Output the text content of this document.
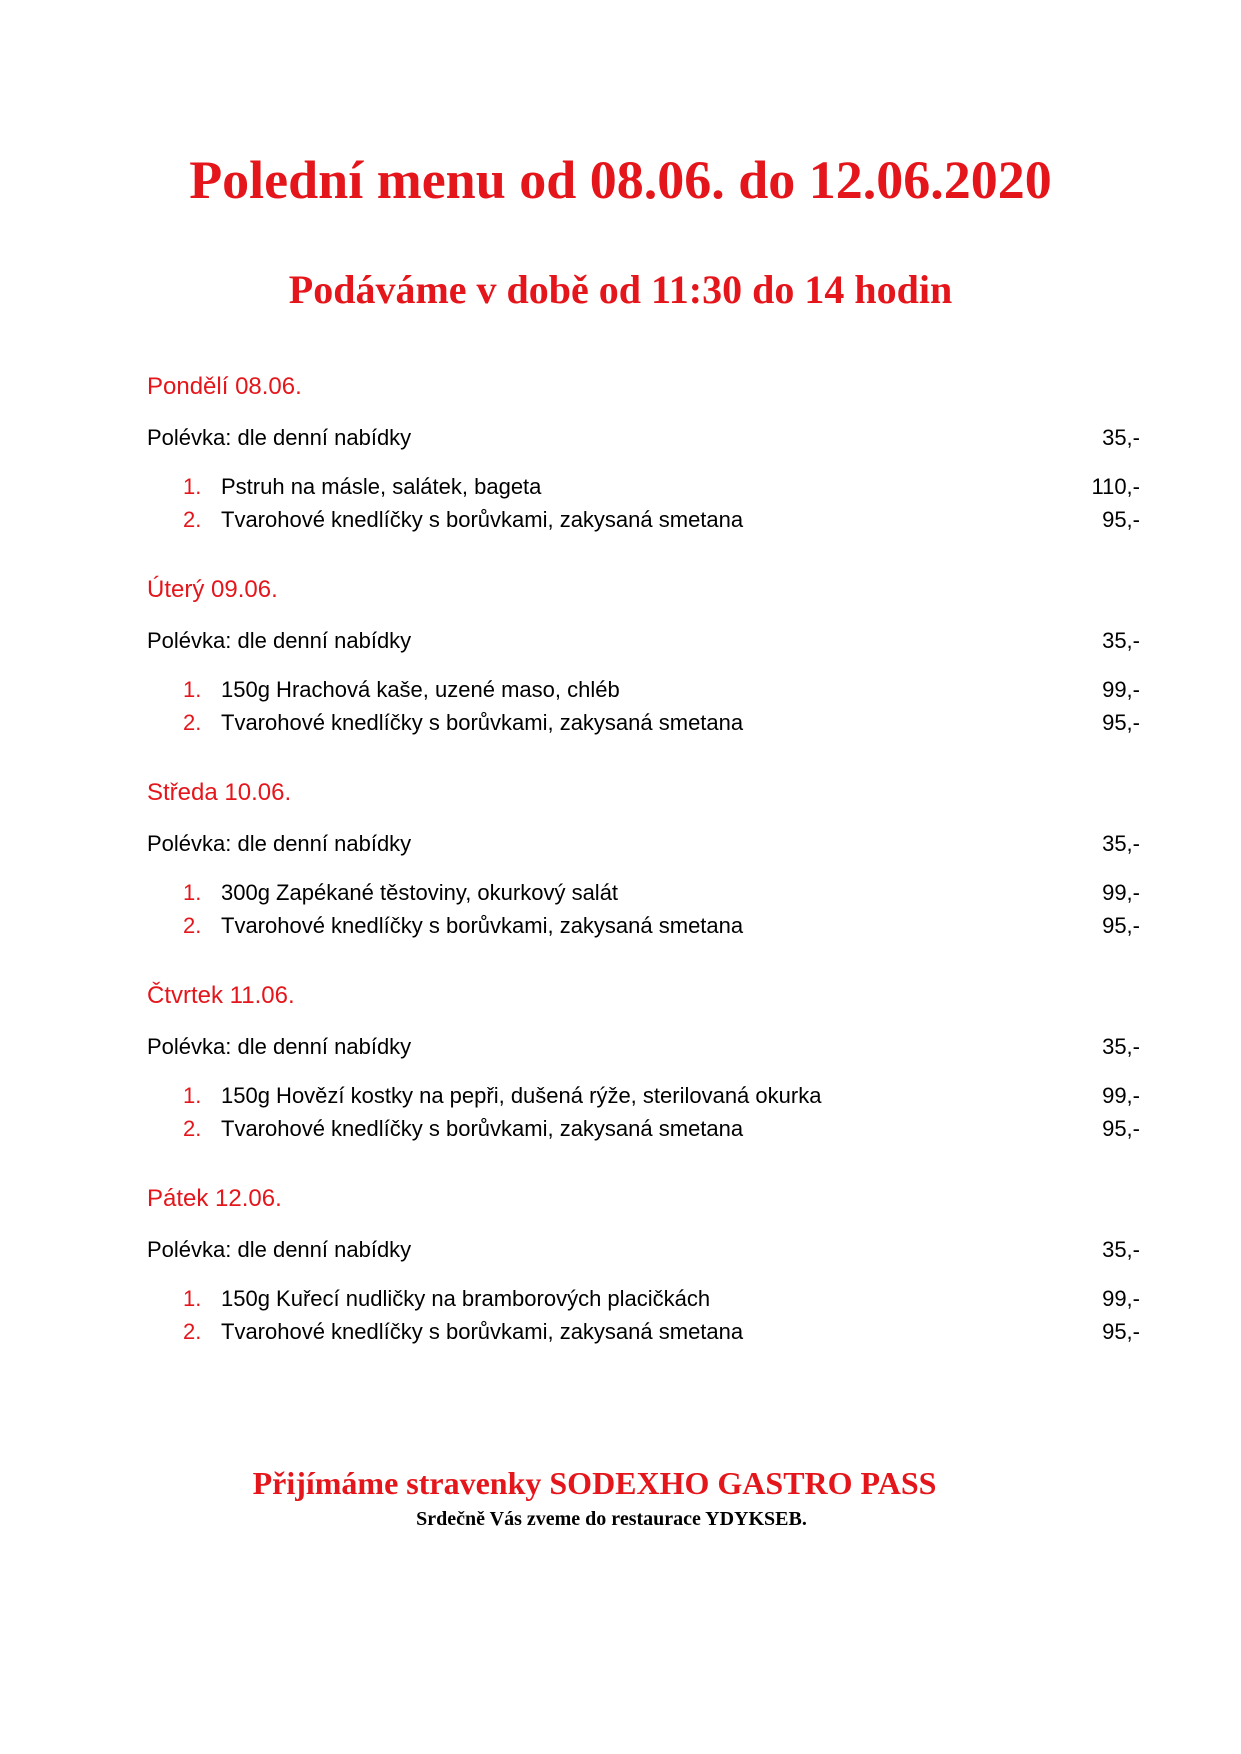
Polední menu od 08.06. do 12.06.2020
Podáváme v době od 11:30 do 14 hodin
Pondělí 08.06.
Polévka: dle denní nabídky	35,-
1. Pstruh na másle, salátek, bageta	110,-
2. Tvarohové knedlíčky s borůvkami, zakysaná smetana	95,-
Úterý 09.06.
Polévka: dle denní nabídky	35,-
1. 150g Hrachová kaše, uzené maso, chléb	99,-
2. Tvarohové knedlíčky s borůvkami, zakysaná smetana	95,-
Středa 10.06.
Polévka: dle denní nabídky	35,-
1. 300g Zapékané těstoviny, okurkový salát	99,-
2. Tvarohové knedlíčky s borůvkami, zakysaná smetana	95,-
Čtvrtek 11.06.
Polévka: dle denní nabídky	35,-
1. 150g Hovězí kostky na pepři, dušená rýže, sterilovaná okurka	99,-
2. Tvarohové knedlíčky s borůvkami, zakysaná smetana	95,-
Pátek 12.06.
Polévka: dle denní nabídky	35,-
1. 150g Kuřecí nudličky na bramborových placičkách	99,-
2. Tvarohové knedlíčky s borůvkami, zakysaná smetana	95,-
Přijímáme stravenky SODEXHO GASTRO PASS

Srdečně Vás zveme do restaurace YDYKSEB.
